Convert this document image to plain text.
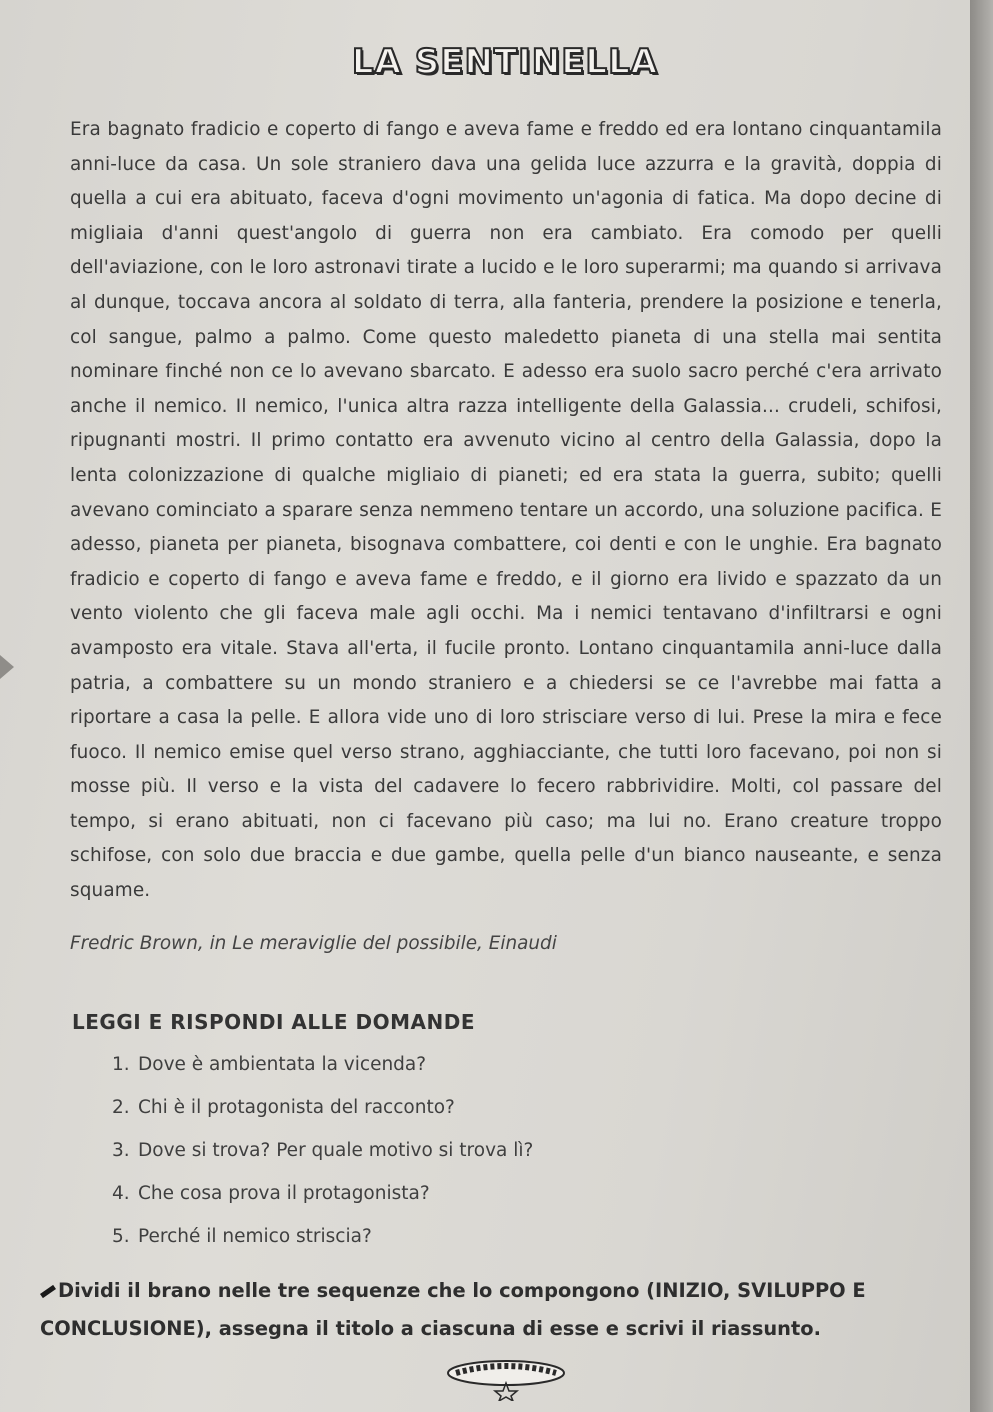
LA SENTINELLA

Era bagnato fradicio e coperto di fango e aveva fame e freddo ed era lontano cinquantamila anni-luce da casa. Un sole straniero dava una gelida luce azzurra e la gravità, doppia di quella a cui era abituato, faceva d'ogni movimento un'agonia di fatica. Ma dopo decine di migliaia d'anni quest'angolo di guerra non era cambiato. Era comodo per quelli dell'aviazione, con le loro astronavi tirate a lucido e le loro superarmi; ma quando si arrivava al dunque, toccava ancora al soldato di terra, alla fanteria, prendere la posizione e tenerla, col sangue, palmo a palmo. Come questo maledetto pianeta di una stella mai sentita nominare finché non ce lo avevano sbarcato. E adesso era suolo sacro perché c'era arrivato anche il nemico. Il nemico, l'unica altra razza intelligente della Galassia... crudeli, schifosi, ripugnanti mostri. Il primo contatto era avvenuto vicino al centro della Galassia, dopo la lenta colonizzazione di qualche migliaio di pianeti; ed era stata la guerra, subito; quelli avevano cominciato a sparare senza nemmeno tentare un accordo, una soluzione pacifica. E adesso, pianeta per pianeta, bisognava combattere, coi denti e con le unghie. Era bagnato fradicio e coperto di fango e aveva fame e freddo, e il giorno era livido e spazzato da un vento violento che gli faceva male agli occhi. Ma i nemici tentavano d'infiltrarsi e ogni avamposto era vitale. Stava all'erta, il fucile pronto. Lontano cinquantamila anni-luce dalla patria, a combattere su un mondo straniero e a chiedersi se ce l'avrebbe mai fatta a riportare a casa la pelle. E allora vide uno di loro strisciare verso di lui. Prese la mira e fece fuoco. Il nemico emise quel verso strano, agghiacciante, che tutti loro facevano, poi non si mosse più. Il verso e la vista del cadavere lo fecero rabbrividire. Molti, col passare del tempo, si erano abituati, non ci facevano più caso; ma lui no. Erano creature troppo schifose, con solo due braccia e due gambe, quella pelle d'un bianco nauseante, e senza squame.

Fredric Brown, in Le meraviglie del possibile, Einaudi

LEGGI E RISPONDI ALLE DOMANDE

1. Dove è ambientata la vicenda?
2. Chi è il protagonista del racconto?
3. Dove si trova? Per quale motivo si trova lì?
4. Che cosa prova il protagonista?
5. Perché il nemico striscia?

Dividi il brano nelle tre sequenze che lo compongono (INIZIO, SVILUPPO E CONCLUSIONE), assegna il titolo a ciascuna di esse e scrivi il riassunto.
